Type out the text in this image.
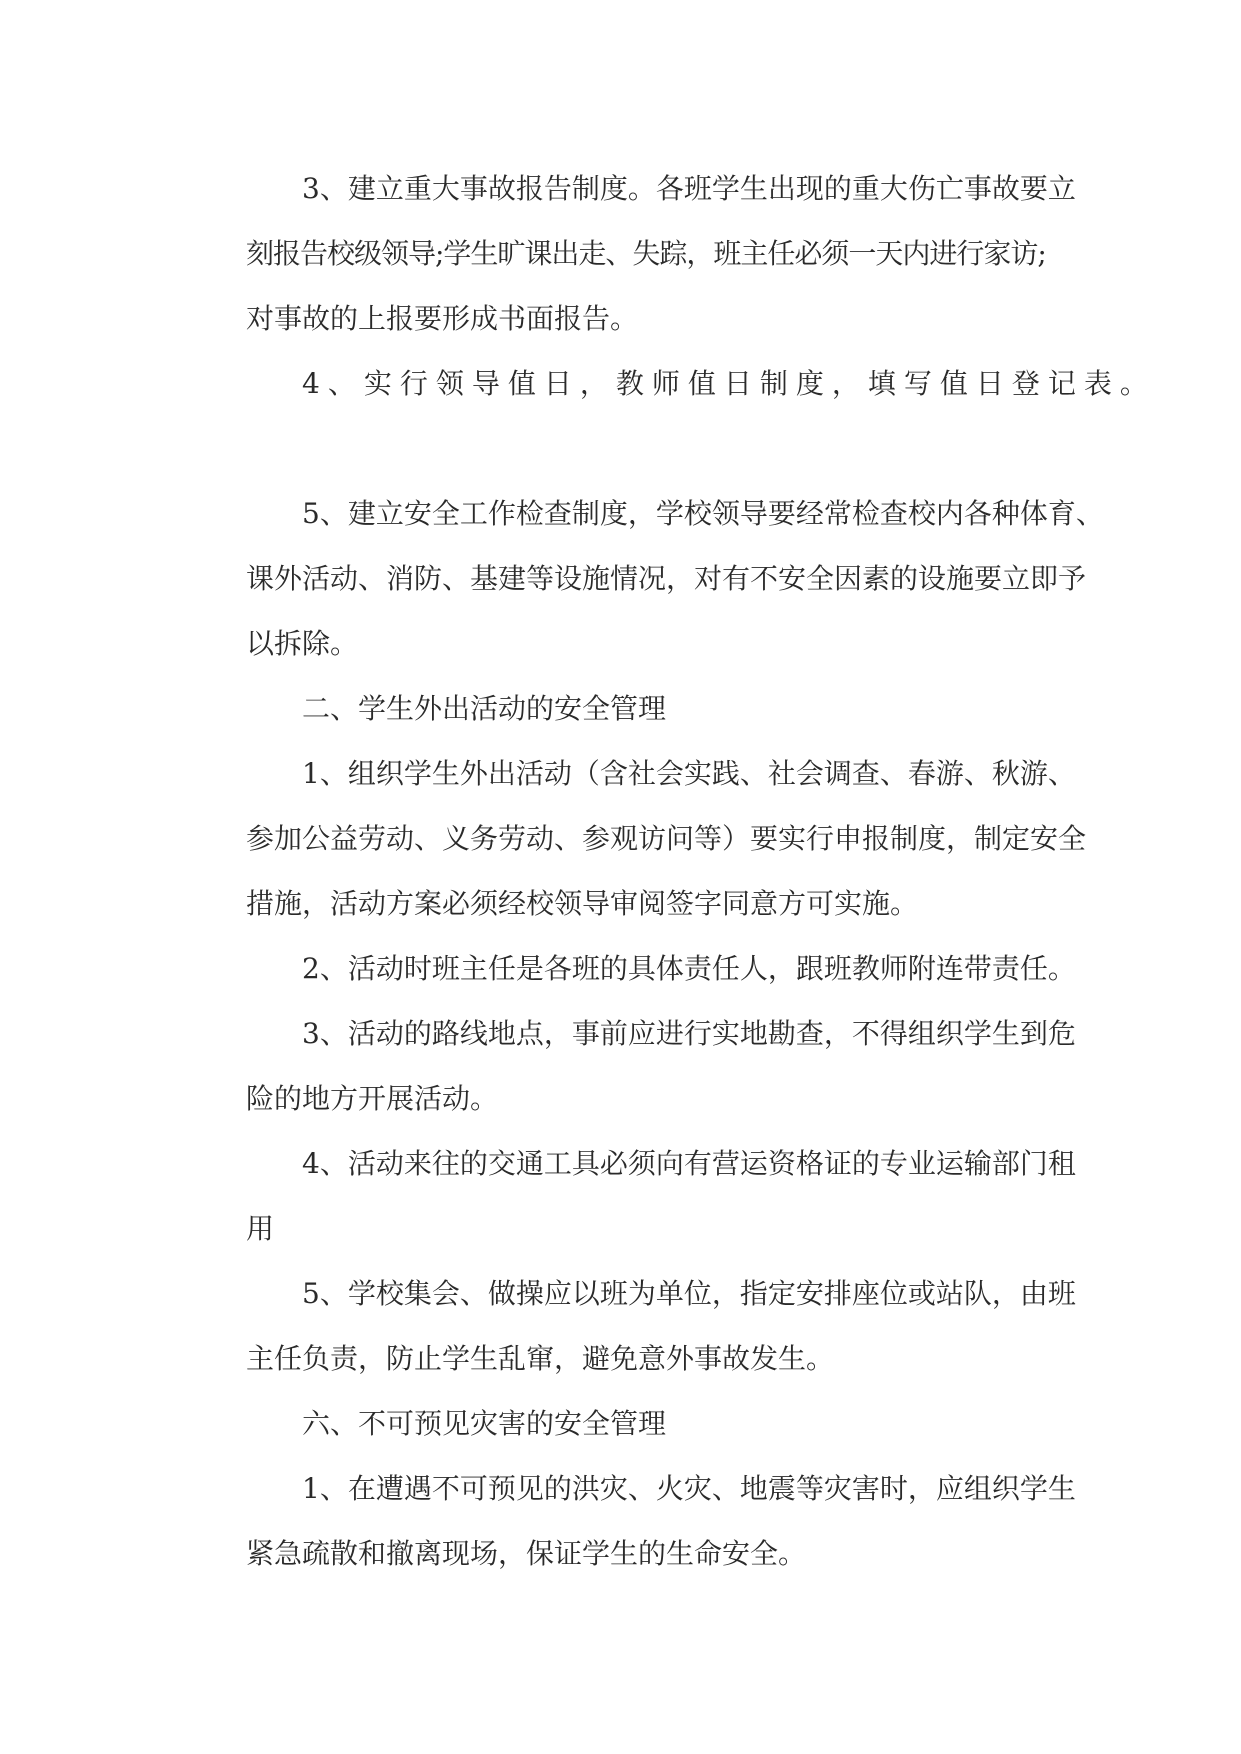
3、建立重大事故报告制度。各班学生出现的重大伤亡事故要立
刻报告校级领导;学生旷课出走、失踪，班主任必须一天内进行家访;
对事故的上报要形成书面报告。

4、实行领导值日，教师值日制度，填写值日登记表。

5、建立安全工作检查制度，学校领导要经常检查校内各种体育、
课外活动、消防、基建等设施情况，对有不安全因素的设施要立即予
以拆除。

二、学生外出活动的安全管理

1、组织学生外出活动（含社会实践、社会调查、春游、秋游、
参加公益劳动、义务劳动、参观访问等）要实行申报制度，制定安全
措施，活动方案必须经校领导审阅签字同意方可实施。

2、活动时班主任是各班的具体责任人，跟班教师附连带责任。

3、活动的路线地点，事前应进行实地勘查，不得组织学生到危
险的地方开展活动。

4、活动来往的交通工具必须向有营运资格证的专业运输部门租
用

5、学校集会、做操应以班为单位，指定安排座位或站队，由班
主任负责，防止学生乱窜，避免意外事故发生。

六、不可预见灾害的安全管理

1、在遭遇不可预见的洪灾、火灾、地震等灾害时，应组织学生
紧急疏散和撤离现场，保证学生的生命安全。
